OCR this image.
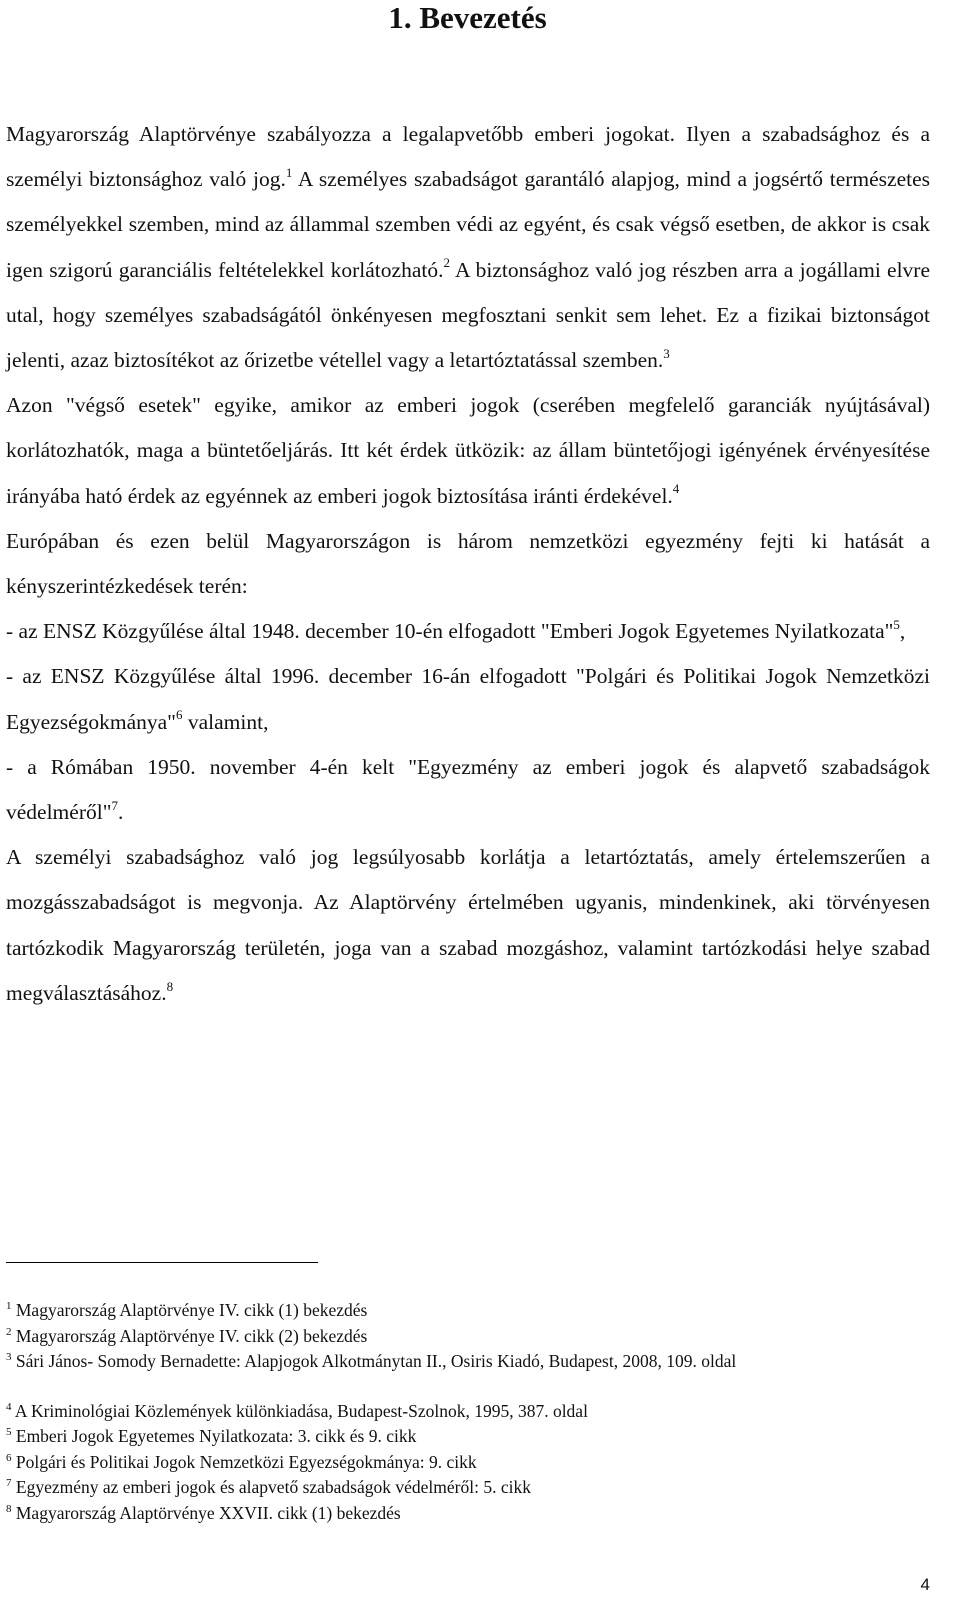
1. Bevezetés

Magyarország Alaptörvénye szabályozza a legalapvetőbb emberi jogokat. Ilyen a szabadsághoz és a személyi biztonsághoz való jog.$^1$ A személyes szabadságot garantáló alapjog, mind a jogsértő természetes személyekkel szemben, mind az állammal szemben védi az egyént, és csak végső esetben, de akkor is csak igen szigorú garanciális feltételekkel korlátozható.$^2$ A biztonsághoz való jog részben arra a jogállami elvre utal, hogy személyes szabadságától önkényesen megfosztani senkit sem lehet. Ez a fizikai biztonságot jelenti, azaz biztosítékot az őrizetbe vétellel vagy a letartóztatással szemben.$^3$

Azon "végső esetek" egyike, amikor az emberi jogok (cserében megfelelő garanciák nyújtásával) korlátozhatók, maga a büntetőeljárás. Itt két érdek ütközik: az állam büntetőjogi igényének érvényesítése irányába ható érdek az egyénnek az emberi jogok biztosítása iránti érdekével.$^4$

Európában és ezen belül Magyarországon is három nemzetközi egyezmény fejti ki hatását a kényszerintézkedések terén:

- az ENSZ Közgyűlése által 1948. december 10-én elfogadott "Emberi Jogok Egyetemes Nyilatkozata"$^5$,

- az ENSZ Közgyűlése által 1996. december 16-án elfogadott "Polgári és Politikai Jogok Nemzetközi Egyezségokmánya"$^6$ valamint,

- a Rómában 1950. november 4-én kelt "Egyezmény az emberi jogok és alapvető szabadságok védelméről"$^7$.

A személyi szabadsághoz való jog legsúlyosabb korlátja a letartóztatás, amely értelemszerűen a mozgásszabadságot is megvonja. Az Alaptörvény értelmében ugyanis, mindenkinek, aki törvényesen tartózkodik Magyarország területén, joga van a szabad mozgáshoz, valamint tartózkodási helye szabad megválasztásához.$^8$

$^1$ Magyarország Alaptörvénye IV. cikk (1) bekezdés

$^2$ Magyarország Alaptörvénye IV. cikk (2) bekezdés

$^3$ Sári János- Somody Bernadette: Alapjogok Alkotmánytan II., Osiris Kiadó, Budapest, 2008, 109. oldal

$^4$ A Kriminológiai Közlemények különkiadása, Budapest-Szolnok, 1995, 387. oldal

$^5$ Emberi Jogok Egyetemes Nyilatkozata: 3. cikk és 9. cikk

$^6$ Polgári és Politikai Jogok Nemzetközi Egyezségokmánya: 9. cikk

$^7$ Egyezmény az emberi jogok és alapvető szabadságok védelméről: 5. cikk

$^8$ Magyarország Alaptörvénye XXVII. cikk (1) bekezdés

4
